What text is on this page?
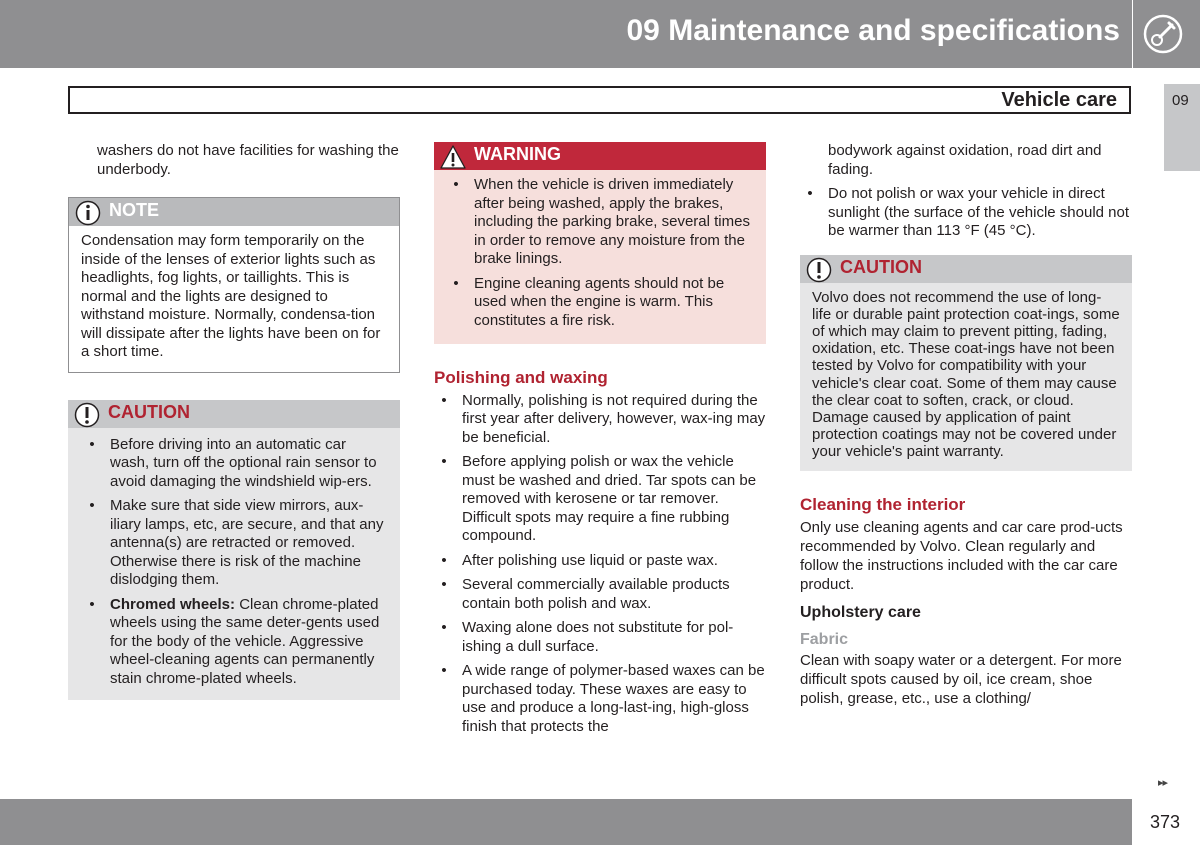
09 Maintenance and specifications
Vehicle care	09

washers do not have facilities for washing the underbody.

NOTE

Condensation may form temporarily on the inside of the lenses of exterior lights such as headlights, fog lights, or taillights. This is normal and the lights are designed to withstand moisture. Normally, condensa-tion will dissipate after the lights have been on for a short time.

CAUTION
•	Before driving into an automatic car wash, turn off the optional rain sensor to avoid damaging the windshield wip-ers.
•	Make sure that side view mirrors, aux-iliary lamps, etc, are secure, and that any antenna(s) are retracted or removed. Otherwise there is risk of the machine dislodging them.
•	Chromed wheels: Clean chrome-plated wheels using the same deter-gents used for the body of the vehicle. Aggressive wheel-cleaning agents can permanently stain chrome-plated wheels.
WARNING
•	When the vehicle is driven immediately after being washed, apply the brakes, including the parking brake, several times in order to remove any moisture from the brake linings.
•	Engine cleaning agents should not be used when the engine is warm. This constitutes a fire risk.
Polishing and waxing
•	Normally, polishing is not required during the first year after delivery, however, wax-ing may be beneficial.
•	Before applying polish or wax the vehicle must be washed and dried. Tar spots can be removed with kerosene or tar remover. Difficult spots may require a fine rubbing compound.
•	After polishing use liquid or paste wax.
•	Several commercially available products contain both polish and wax.
•	Waxing alone does not substitute for pol-ishing a dull surface.
•	A wide range of polymer-based waxes can be purchased today. These waxes are easy to use and produce a long-last-ing, high-gloss finish that protects the

bodywork against oxidation, road dirt and fading.

•	Do not polish or wax your vehicle in direct sunlight (the surface of the vehicle should not be warmer than 113 °F (45 °C).
CAUTION

Volvo does not recommend the use of long-life or durable paint protection coat-ings, some of which may claim to prevent pitting, fading, oxidation, etc. These coat-ings have not been tested by Volvo for compatibility with your vehicle's clear coat. Some of them may cause the clear coat to soften, crack, or cloud. Damage caused by application of paint protection coatings may not be covered under your vehicle's paint warranty.

Cleaning the interior

Only use cleaning agents and car care prod-ucts recommended by Volvo. Clean regularly and follow the instructions included with the car care product.

Upholstery care
Fabric

Clean with soapy water or a detergent. For more difficult spots caused by oil, ice cream, shoe polish, grease, etc., use a clothing/

▸▸
373
